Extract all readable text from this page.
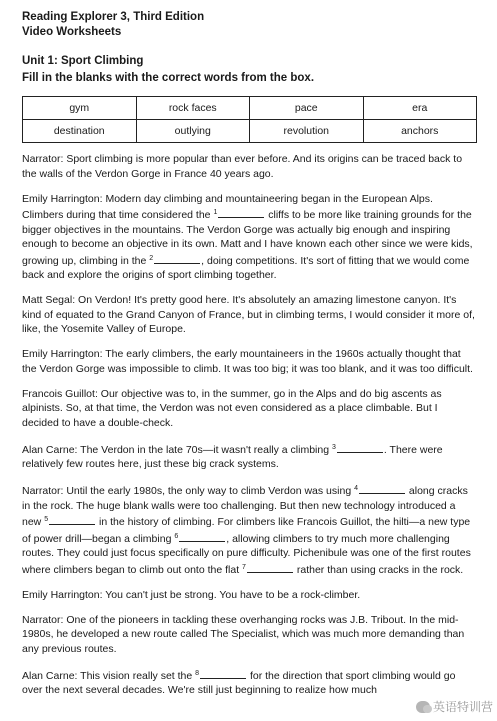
Reading Explorer 3, Third Edition
Video Worksheets
Unit 1: Sport Climbing
Fill in the blanks with the correct words from the box.
gym	rock faces	pace	era
destination	outlying	revolution	anchors

Narrator: Sport climbing is more popular than ever before. And its origins can be traced back to the walls of the Verdon Gorge in France 40 years ago.

Emily Harrington: Modern day climbing and mountaineering began in the European Alps. Climbers during that time considered the $^1$	cliffs to be more like training grounds for the bigger objectives in the mountains. The Verdon Gorge was actually big enough and inspiring enough to become an objective in its own. Matt and I have known each other since we were kids, growing up, climbing in the $^2$	, doing competitions. It's sort of fitting that we would come back and explore the origins of sport climbing together.

Matt Segal: On Verdon! It's pretty good here. It's absolutely an amazing limestone canyon. It's kind of equated to the Grand Canyon of France, but in climbing terms, I would consider it more of, like, the Yosemite Valley of Europe.

Emily Harrington: The early climbers, the early mountaineers in the 1960s actually thought that the Verdon Gorge was impossible to climb. It was too big; it was too blank, and it was too difficult.

Francois Guillot: Our objective was to, in the summer, go in the Alps and do big ascents as alpinists. So, at that time, the Verdon was not even considered as a place climbable. But I decided to have a double-check.

Alan Carne: The Verdon in the late 70s—it wasn't really a climbing $^3$	. There were relatively few routes here, just these big crack systems.

Narrator: Until the early 1980s, the only way to climb Verdon was using $^4$	along cracks in the rock. The huge blank walls were too challenging. But then new technology introduced a new $^5$	in the history of climbing. For climbers like Francois Guillot, the hilti—a new type of power drill—began a climbing $^6$	, allowing climbers to try much more challenging routes. They could just focus specifically on pure difficulty. Pichenibule was one of the first routes where climbers began to climb out onto the flat $^7$	rather than using cracks in the rock.

Emily Harrington: You can't just be strong. You have to be a rock-climber.

Narrator: One of the pioneers in tackling these overhanging rocks was J.B. Tribout. In the mid-1980s, he developed a new route called The Specialist, which was much more demanding than any previous routes.

Alan Carne: This vision really set the $^8$	for the direction that sport climbing would go over the next several decades. We're still just beginning to realize how much

英语特训营
